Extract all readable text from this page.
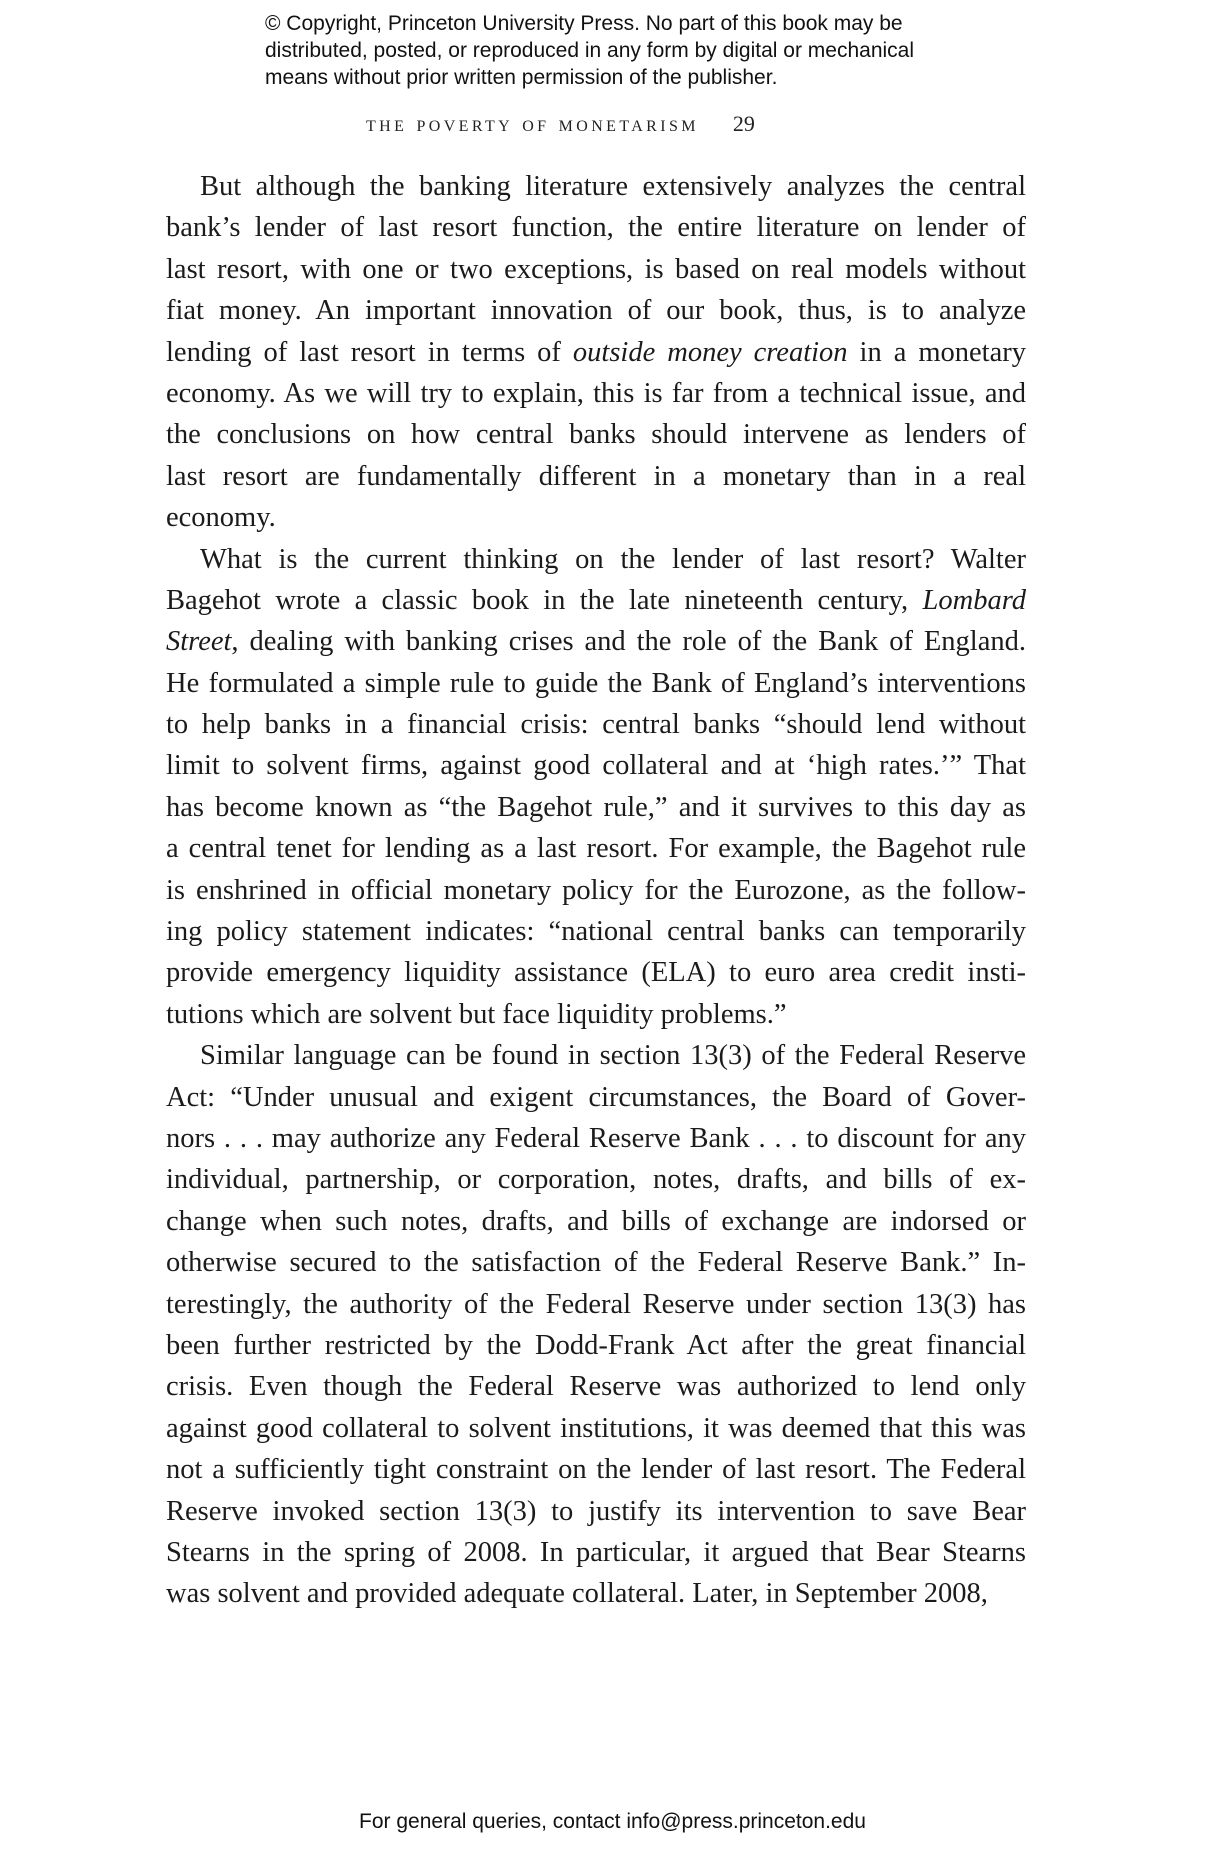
© Copyright, Princeton University Press. No part of this book may be
distributed, posted, or reproduced in any form by digital or mechanical
means without prior written permission of the publisher.
the poverty of monetarism 29
But although the banking literature extensively analyzes the central
bank’s lender of last resort function, the entire literature on lender of
last resort, with one or two exceptions, is based on real models without
fiat money. An important innovation of our book, thus, is to analyze
lending of last resort in terms of outside money creation in a monetary
economy. As we will try to explain, this is far from a technical issue, and
the conclusions on how central banks should intervene as lenders of
last resort are fundamentally different in a monetary than in a real
economy.
What is the current thinking on the lender of last resort? Walter
Bagehot wrote a classic book in the late nineteenth century, Lombard
Street, dealing with banking crises and the role of the Bank of England.
He formulated a simple rule to guide the Bank of England’s interventions
to help banks in a financial crisis: central banks “should lend without
limit to solvent firms, against good collateral and at ‘high rates.’” That
has become known as “the Bagehot rule,” and it survives to this day as
a central tenet for lending as a last resort. For example, the Bagehot rule
is enshrined in official monetary policy for the Eurozone, as the follow-
ing policy statement indicates: “national central banks can temporarily
provide emergency liquidity assistance (ELA) to euro area credit insti-
tutions which are solvent but face liquidity problems.”
Similar language can be found in section 13(3) of the Federal Reserve
Act: “Under unusual and exigent circumstances, the Board of Gover-
nors . . . may authorize any Federal Reserve Bank . . . to discount for any
individual, partnership, or corporation, notes, drafts, and bills of ex-
change when such notes, drafts, and bills of exchange are indorsed or
otherwise secured to the satisfaction of the Federal Reserve Bank.” In-
terestingly, the authority of the Federal Reserve under section 13(3) has
been further restricted by the Dodd-Frank Act after the great financial
crisis. Even though the Federal Reserve was authorized to lend only
against good collateral to solvent institutions, it was deemed that this was
not a sufficiently tight constraint on the lender of last resort. The Federal
Reserve invoked section 13(3) to justify its intervention to save Bear
Stearns in the spring of 2008. In particular, it argued that Bear Stearns
was solvent and provided adequate collateral. Later, in September 2008,
For general queries, contact info@press.princeton.edu
